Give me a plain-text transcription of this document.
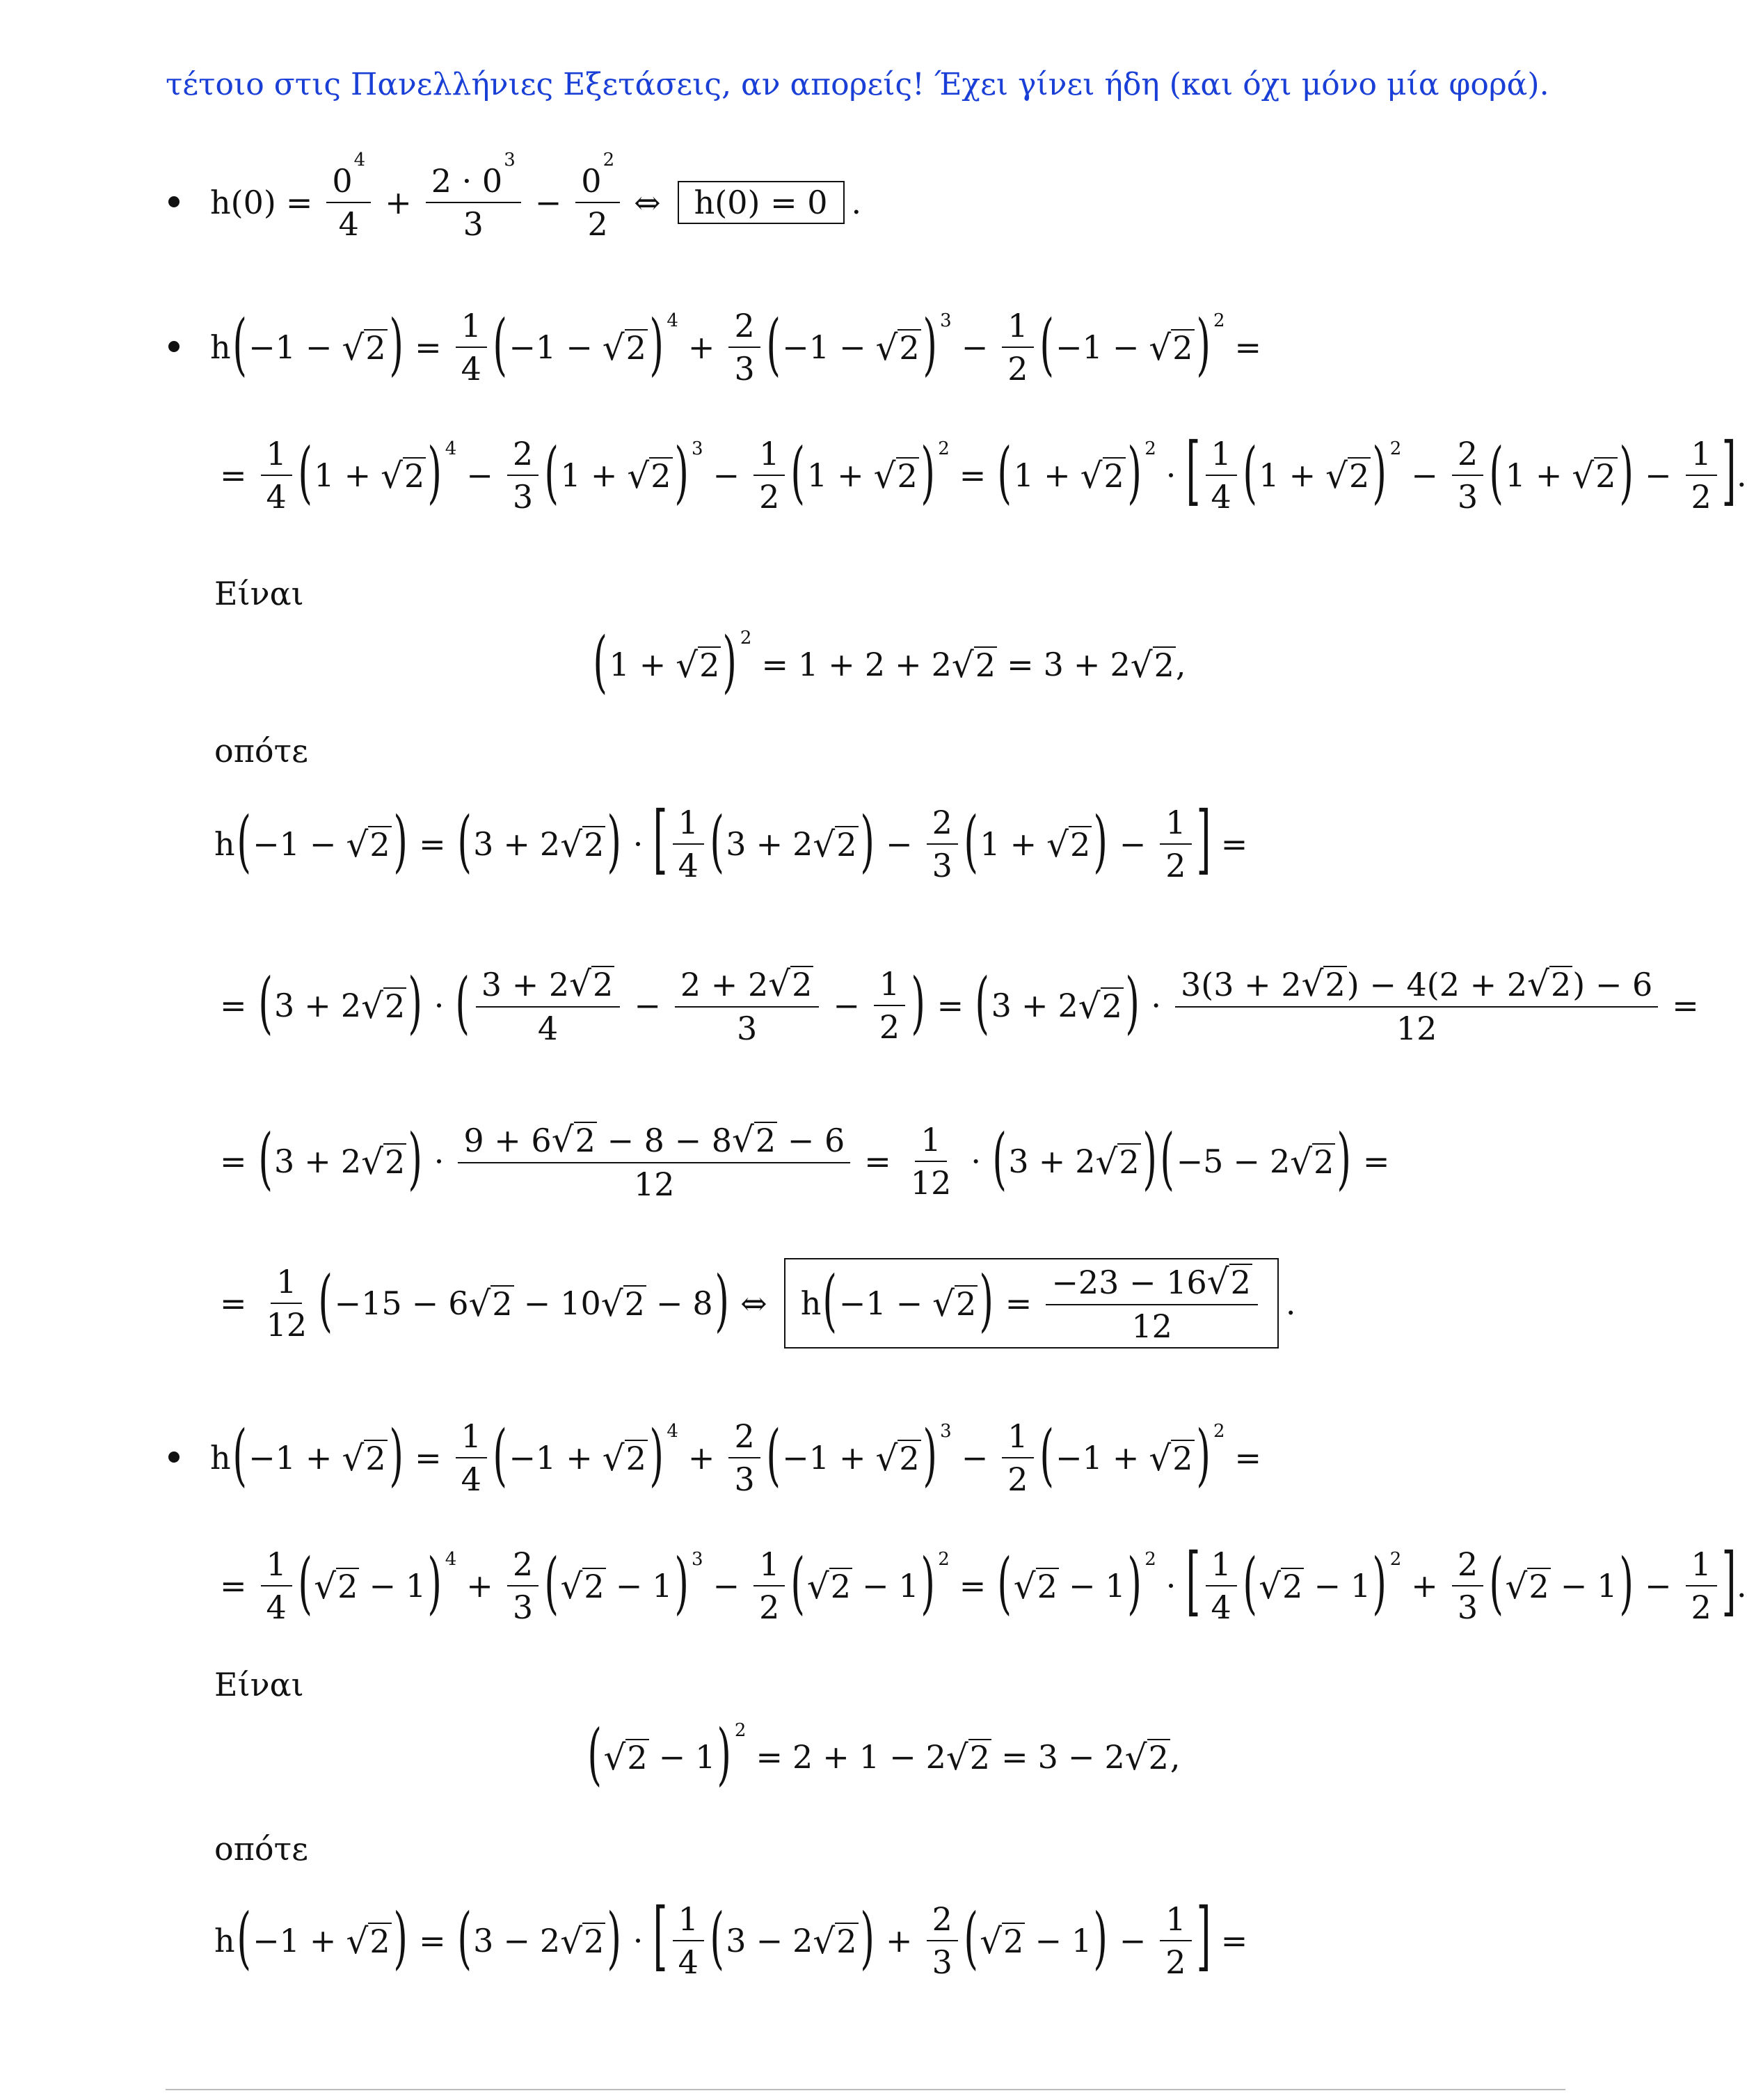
τέτοιο στις Πανελλήνιες Εξετάσεις, αν απορείς! Έχει γίνει ήδη (και όχι μόνο μία φορά).
h ( 0 ) = $\frac{0^4}{4} + \frac{2 \cdot 0^3}{3} - \frac{0^2}{2}$ ⇔	h(0) = 0 .
h ( − 1 − √ 2 ) = $\frac{1}{4}$ ( − 1 − √ 2 ) 4
+ $\frac{2}{3}$ ( − 1 − √ 2 ) 3
− $\frac{1}{2}$ ( − 1 − √ 2 ) 2
=
= $\frac{1}{4}$ ( 1 + √ 2 ) 4
− $\frac{2}{3}$ ( 1 + √ 2 ) 3
− $\frac{1}{2}$ ( 1 + √ 2 ) 2
= ( 1 + √ 2 ) 2
· [ $\frac{1}{4}$ ( 1 + √ 2 ) 2
− $\frac{2}{3}$ ( 1 + √ 2 ) − $\frac{1}{2}$ ] .
Είναι
( 1 + √ 2 ) 2
= 1 + 2 + 2 √ 2 = 3 + 2 √ 2 ,
οπότε
h ( − 1 − √ 2 ) = ( 3 + 2 √ 2 ) · [ $\frac{1}{4}$ ( 3 + 2 √ 2 ) − $\frac{2}{3}$ ( 1 + √ 2 ) − $\frac{1}{2}$ ] =
= ( 3 + 2 √ 2 ) · ( $\frac{3 + 2 √ 2}{4} - \frac{2 + 2 √ 2}{3} - \frac{1}{2}$ ) = ( 3 + 2 √ 2 ) · $\frac{3(3 + 2 √ 2 ) - 4(2 + 2 √ 2 ) - 6}{12}$ =
= ( 3 + 2 √ 2 ) · $\frac{9 + 6 √ 2 - 8 - 8 √ 2 - 6}{12} = \frac{1}{12}$ · ( 3 + 2 √ 2 ) ( − 5 − 2 √ 2 ) =
= $\frac{1}{12}$ ( − 15 − 6 √ 2 − 10 √ 2 − 8 ) ⇔ h ( − 1 − √ 2 ) = $\frac{-23 - 16 √ 2}{12}$ .
h ( − 1 + √ 2 ) = $\frac{1}{4}$ ( − 1 + √ 2 ) 4
+ $\frac{2}{3}$ ( − 1 + √ 2 ) 3
− $\frac{1}{2}$ ( − 1 + √ 2 ) 2
=
= $\frac{1}{4}$ ( √ 2 − 1 ) 4
+ $\frac{2}{3}$ ( √ 2 − 1 ) 3
− $\frac{1}{2}$ ( √ 2 − 1 ) 2
= ( √ 2 − 1 ) 2
· [ $\frac{1}{4}$ ( √ 2 − 1 ) 2
+ $\frac{2}{3}$ ( √ 2 − 1 ) − $\frac{1}{2}$ ] .
Είναι
( √ 2 − 1 ) 2
= 2 + 1 − 2 √ 2 = 3 − 2 √ 2 ,
οπότε
h ( − 1 + √ 2 ) = ( 3 − 2 √ 2 ) · [ $\frac{1}{4}$ ( 3 − 2 √ 2 ) + $\frac{2}{3}$ ( √ 2 − 1 ) − $\frac{1}{2}$ ] =
